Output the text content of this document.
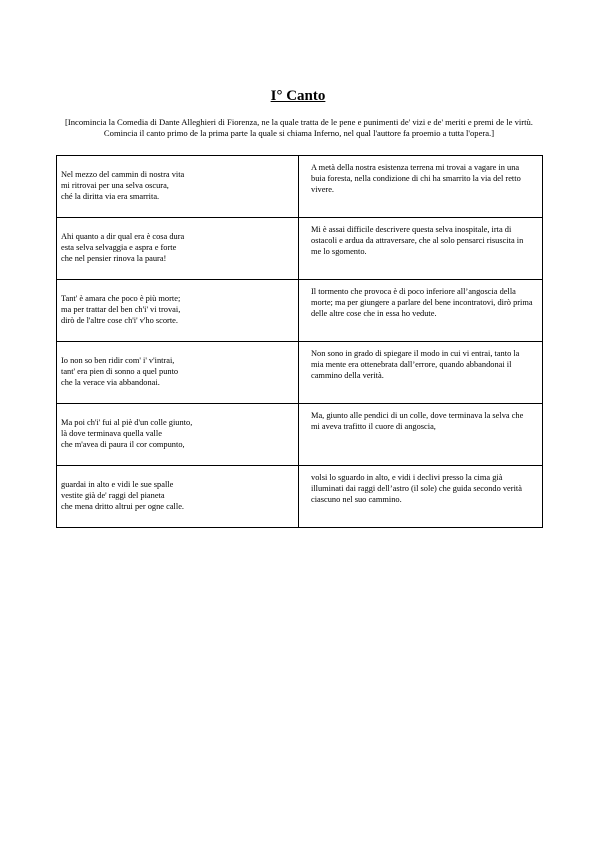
I° Canto
[Incomincia la Comedia di Dante Alleghieri di Fiorenza, ne la quale tratta de le pene e punimenti de' vizi e de' meriti e premi de le virtù. Comincia il canto primo de la prima parte la quale si chiama Inferno, nel qual l'auttore fa proemio a tutta l'opera.]
Nel mezzo del cammin di nostra vita
mi ritrovai per una selva oscura,
ché la diritta via era smarrita.	A metà della nostra esistenza terrena mi trovai a vagare in una buia foresta, nella condizione di chi ha smarrito la via del retto vivere.

Ahi quanto a dir qual era è cosa dura
esta selva selvaggia e aspra e forte
che nel pensier rinova la paura!	Mi è assai difficile descrivere questa selva inospitale, irta di ostacoli e ardua da attraversare, che al solo pensarci risuscita in me lo sgomento.

Tant' è amara che poco è più morte;
ma per trattar del ben ch'i' vi trovai,
dirò de l'altre cose ch'i' v'ho scorte.	Il tormento che provoca è di poco inferiore all’angoscia della morte; ma per giungere a parlare del bene incontratovi, dirò prima delle altre cose che in essa ho vedute.

Io non so ben ridir com' i' v'intrai,
tant' era pien di sonno a quel punto
che la verace via abbandonai.	Non sono in grado di spiegare il modo in cui vi entrai, tanto la mia mente era ottenebrata dall’errore, quando abbandonai il cammino della verità.

Ma poi ch'i' fui al piè d'un colle giunto,
là dove terminava quella valle
che m'avea di paura il cor compunto,	Ma, giunto alle pendici di un colle, dove terminava la selva che mi aveva trafitto il cuore di angoscia,

guardai in alto e vidi le sue spalle
vestite già de' raggi del pianeta
che mena dritto altrui per ogne calle.	volsi lo sguardo in alto, e vidi i declivi presso la cima già illuminati dai raggi dell’astro (il sole) che guida secondo verità ciascuno nel suo cammino.
